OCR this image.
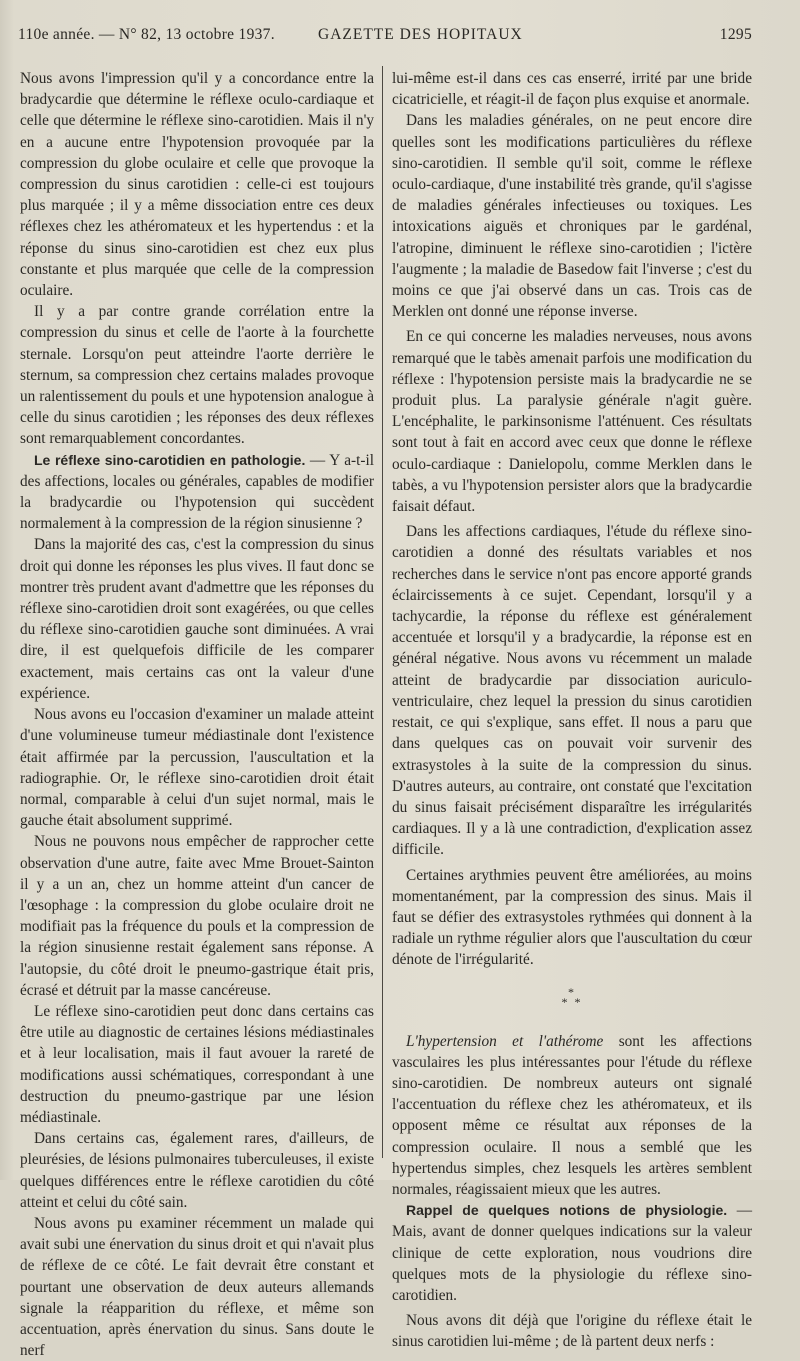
110e année. — N° 82, 13 octobre 1937.	GAZETTE DES HOPITAUX	1295

Nous avons l'impression qu'il y a concordance entre la bradycardie que détermine le réflexe oculo-cardiaque et celle que détermine le réflexe sino-carotidien. Mais il n'y en a aucune entre l'hypotension provoquée par la compression du globe oculaire et celle que provoque la compression du sinus carotidien : celle-ci est toujours plus marquée ; il y a même dissociation entre ces deux réflexes chez les athéromateux et les hypertendus : et la réponse du sinus sino-carotidien est chez eux plus constante et plus marquée que celle de la compression oculaire.

Il y a par contre grande corrélation entre la compression du sinus et celle de l'aorte à la fourchette sternale. Lorsqu'on peut atteindre l'aorte derrière le sternum, sa compression chez certains malades provoque un ralentissement du pouls et une hypotension analogue à celle du sinus carotidien ; les réponses des deux réflexes sont remarquablement concordantes.

Le réflexe sino-carotidien en pathologie. — Y a-t-il des affections, locales ou générales, capables de modifier la bradycardie ou l'hypotension qui succèdent normalement à la compression de la région sinusienne ?

Dans la majorité des cas, c'est la compression du sinus droit qui donne les réponses les plus vives. Il faut donc se montrer très prudent avant d'admettre que les réponses du réflexe sino-carotidien droit sont exagérées, ou que celles du réflexe sino-carotidien gauche sont diminuées. A vrai dire, il est quelquefois difficile de les comparer exactement, mais certains cas ont la valeur d'une expérience.

Nous avons eu l'occasion d'examiner un malade atteint d'une volumineuse tumeur médiastinale dont l'existence était affirmée par la percussion, l'auscultation et la radiographie. Or, le réflexe sino-carotidien droit était normal, comparable à celui d'un sujet normal, mais le gauche était absolument supprimé.

Nous ne pouvons nous empêcher de rapprocher cette observation d'une autre, faite avec Mme Brouet-Sainton il y a un an, chez un homme atteint d'un cancer de l'œsophage : la compression du globe oculaire droit ne modifiait pas la fréquence du pouls et la compression de la région sinusienne restait également sans réponse. A l'autopsie, du côté droit le pneumo-gastrique était pris, écrasé et détruit par la masse cancéreuse.

Le réflexe sino-carotidien peut donc dans certains cas être utile au diagnostic de certaines lésions médiastinales et à leur localisation, mais il faut avouer la rareté de modifications aussi schématiques, correspondant à une destruction du pneumo-gastrique par une lésion médiastinale.

Dans certains cas, également rares, d'ailleurs, de pleurésies, de lésions pulmonaires tuberculeuses, il existe quelques différences entre le réflexe carotidien du côté atteint et celui du côté sain.

Nous avons pu examiner récemment un malade qui avait subi une énervation du sinus droit et qui n'avait plus de réflexe de ce côté. Le fait devrait être constant et pourtant une observation de deux auteurs allemands signale la réapparition du réflexe, et même son accentuation, après énervation du sinus. Sans doute le nerf

lui-même est-il dans ces cas enserré, irrité par une bride cicatricielle, et réagit-il de façon plus exquise et anormale.

Dans les maladies générales, on ne peut encore dire quelles sont les modifications particulières du réflexe sino-carotidien. Il semble qu'il soit, comme le réflexe oculo-cardiaque, d'une instabilité très grande, qu'il s'agisse de maladies générales infectieuses ou toxiques. Les intoxications aiguës et chroniques par le gardénal, l'atropine, diminuent le réflexe sino-carotidien ; l'ictère l'augmente ; la maladie de Basedow fait l'inverse ; c'est du moins ce que j'ai observé dans un cas. Trois cas de Merklen ont donné une réponse inverse.

En ce qui concerne les maladies nerveuses, nous avons remarqué que le tabès amenait parfois une modification du réflexe : l'hypotension persiste mais la bradycardie ne se produit plus. La paralysie générale n'agit guère. L'encéphalite, le parkinsonisme l'atténuent. Ces résultats sont tout à fait en accord avec ceux que donne le réflexe oculo-cardiaque : Danielopolu, comme Merklen dans le tabès, a vu l'hypotension persister alors que la bradycardie faisait défaut.

Dans les affections cardiaques, l'étude du réflexe sino-carotidien a donné des résultats variables et nos recherches dans le service n'ont pas encore apporté grands éclaircissements à ce sujet. Cependant, lorsqu'il y a tachycardie, la réponse du réflexe est généralement accentuée et lorsqu'il y a bradycardie, la réponse est en général négative. Nous avons vu récemment un malade atteint de bradycardie par dissociation auriculo-ventriculaire, chez lequel la pression du sinus carotidien restait, ce qui s'explique, sans effet. Il nous a paru que dans quelques cas on pouvait voir survenir des extrasystoles à la suite de la compression du sinus. D'autres auteurs, au contraire, ont constaté que l'excitation du sinus faisait précisément disparaître les irrégularités cardiaques. Il y a là une contradiction, d'explication assez difficile.

Certaines arythmies peuvent être améliorées, au moins momentanément, par la compression des sinus. Mais il faut se défier des extrasystoles rythmées qui donnent à la radiale un rythme régulier alors que l'auscultation du cœur dénote de l'irrégularité.

*
* *

L'hypertension et l'athérome sont les affections vasculaires les plus intéressantes pour l'étude du réflexe sino-carotidien. De nombreux auteurs ont signalé l'accentuation du réflexe chez les athéromateux, et ils opposent même ce résultat aux réponses de la compression oculaire. Il nous a semblé que les hypertendus simples, chez lesquels les artères semblent normales, réagissaient mieux que les autres.

Rappel de quelques notions de physiologie. — Mais, avant de donner quelques indications sur la valeur clinique de cette exploration, nous voudrions dire quelques mots de la physiologie du réflexe sino-carotidien.

Nous avons dit déjà que l'origine du réflexe était le sinus carotidien lui-même ; de là partent deux nerfs :
